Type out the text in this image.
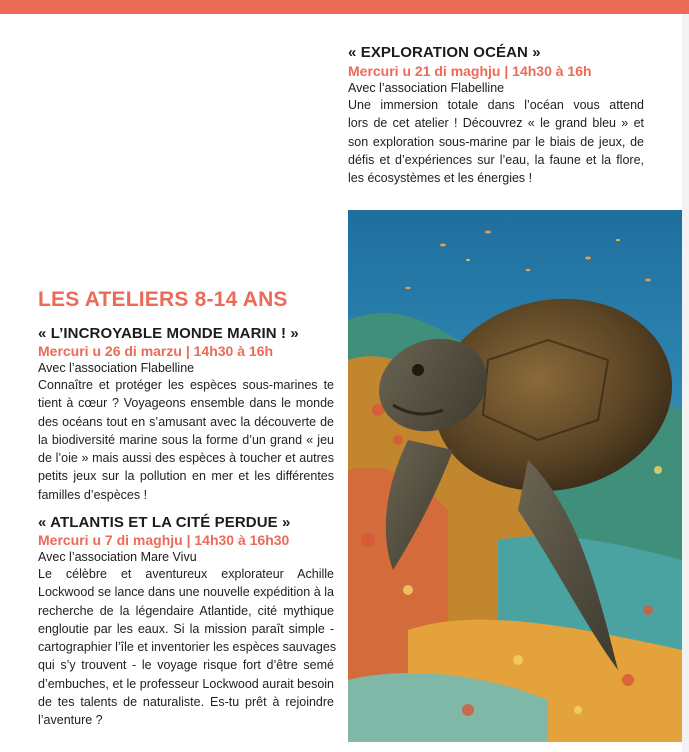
« EXPLORATION OCÉAN »
Mercuri u 21 di maghju | 14h30 à 16h
Avec l’association Flabelline
Une immersion totale dans l’océan vous attend
lors de cet atelier ! Découvrez « le grand bleu » et
son exploration sous-marine par le biais de jeux, de
défis et d’expériences sur l’eau, la faune et la flore,
les écosystèmes et les énergies !
LES ATELIERS 8-14 ANS
« L’INCROYABLE MONDE MARIN ! »
Mercuri u 26 di marzu | 14h30 à 16h
Avec l’association Flabelline
Connaître et protéger les espèces sous-marines te
tient à cœur ? Voyageons ensemble dans le monde
des océans tout en s’amusant avec la découverte de
la biodiversité marine sous la forme d’un grand « jeu
de l’oie » mais aussi des espèces à toucher et autres
petits jeux sur la pollution en mer et les différentes
familles d’espèces !
« ATLANTIS ET LA CITÉ PERDUE »
Mercuri u 7 di maghju | 14h30 à 16h30
Avec l’association Mare Vivu
Le célèbre et aventureux explorateur Achille
Lockwood se lance dans une nouvelle expédition à la
recherche de la légendaire Atlantide, cité mythique
engloutie par les eaux. Si la mission paraît simple -
cartographier l’île et inventorier les espèces sauvages
qui s’y trouvent - le voyage risque fort d’être semé
d’embuches, et le professeur Lockwood aurait besoin
de tes talents de naturaliste. Es-tu prêt à rejoindre
l’aventure ?
